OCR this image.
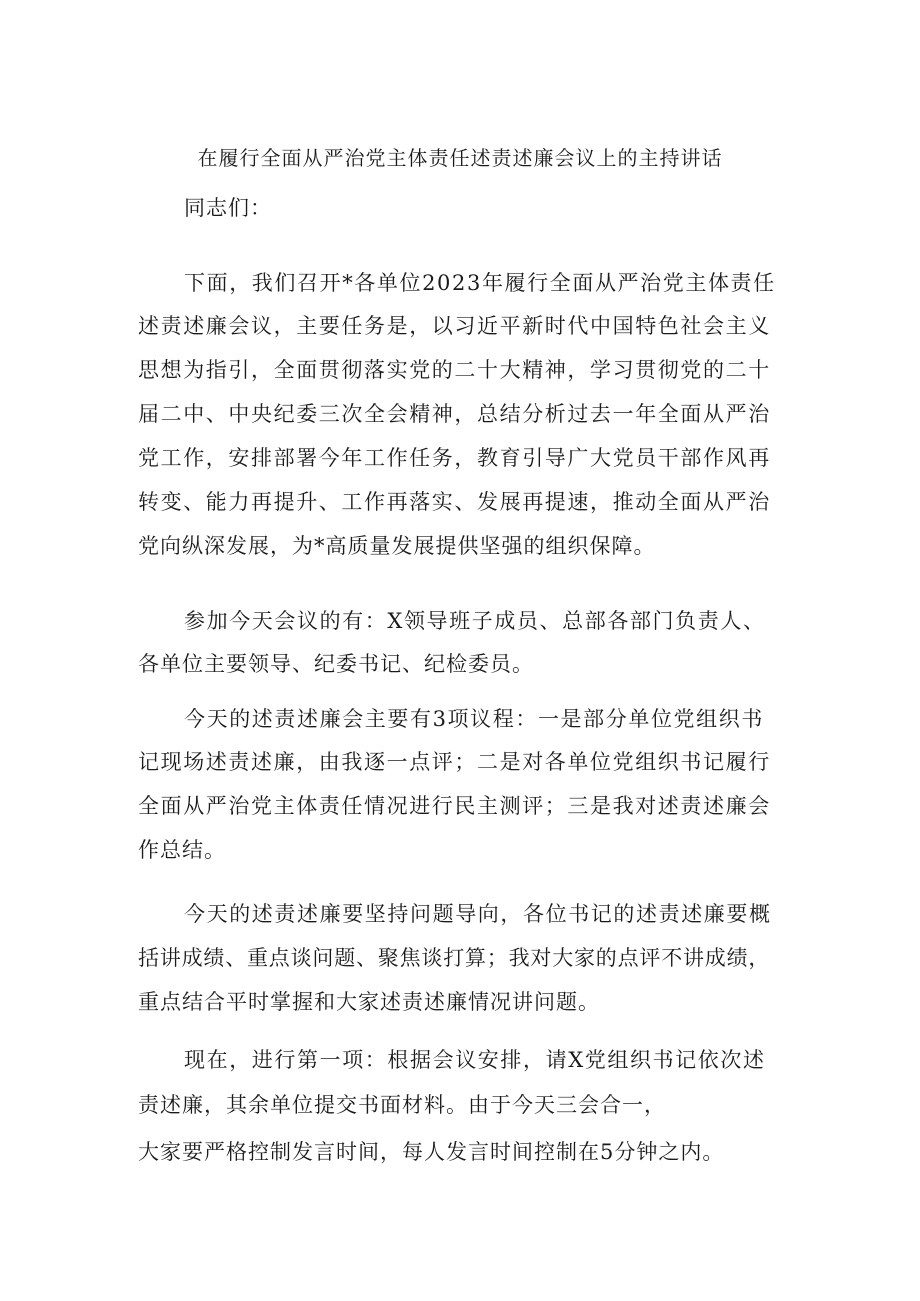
在履行全面从严治党主体责任述责述廉会议上的主持讲话
同志们：
下面，我们召开*各单位2023年履行全面从严治党主体责任
述责述廉会议，主要任务是，以习近平新时代中国特色社会主义
思想为指引，全面贯彻落实党的二十大精神，学习贯彻党的二十
届二中、中央纪委三次全会精神，总结分析过去一年全面从严治
党工作，安排部署今年工作任务，教育引导广大党员干部作风再
转变、能力再提升、工作再落实、发展再提速，推动全面从严治
党向纵深发展，为*高质量发展提供坚强的组织保障。
参加今天会议的有：X领导班子成员、总部各部门负责人、
各单位主要领导、纪委书记、纪检委员。
今天的述责述廉会主要有3项议程：一是部分单位党组织书
记现场述责述廉，由我逐一点评；二是对各单位党组织书记履行
全面从严治党主体责任情况进行民主测评；三是我对述责述廉会
作总结。
今天的述责述廉要坚持问题导向，各位书记的述责述廉要概
括讲成绩、重点谈问题、聚焦谈打算；我对大家的点评不讲成绩，
重点结合平时掌握和大家述责述廉情况讲问题。
现在，进行第一项：根据会议安排，请X党组织书记依次述
责述廉，其余单位提交书面材料。由于今天三会合一，
大家要严格控制发言时间，每人发言时间控制在5分钟之内。
